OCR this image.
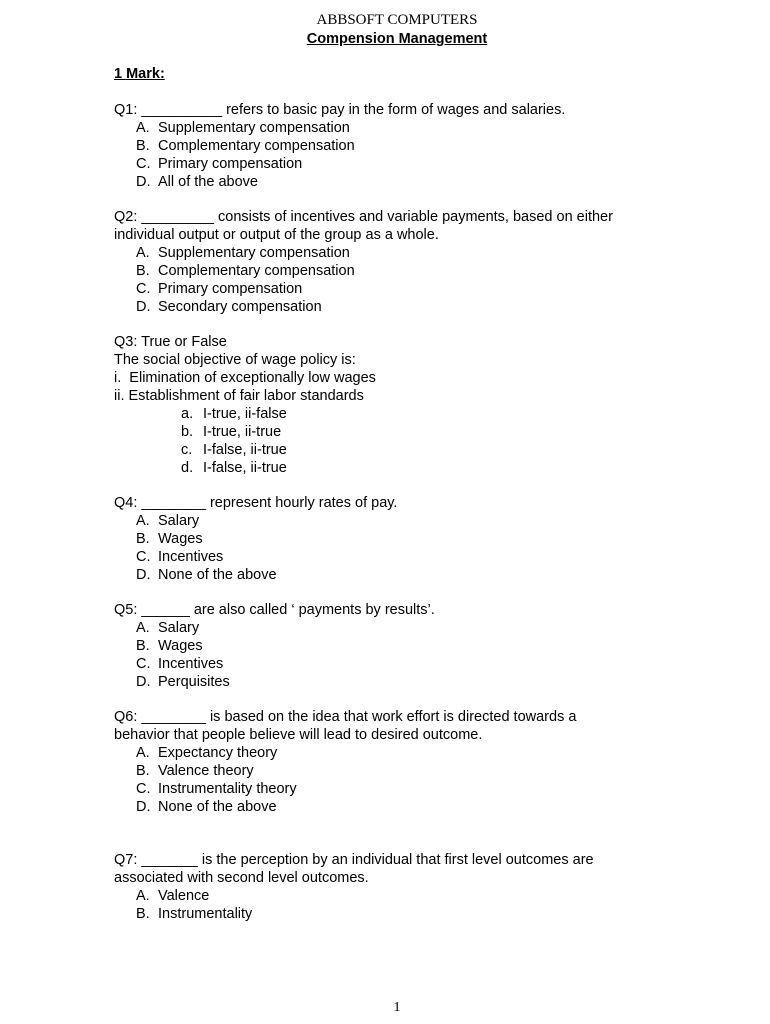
ABBSOFT COMPUTERS
Compension Management
1 Mark:
Q1: __________ refers to basic pay in the form of wages and salaries.
A. Supplementary compensation
B. Complementary compensation
C. Primary compensation
D. All of the above
Q2: _________ consists of incentives and variable payments, based on either
individual output or output of the group as a whole.
A. Supplementary compensation
B. Complementary compensation
C. Primary compensation
D. Secondary compensation
Q3: True or False
The social objective of wage policy is:
i.  Elimination of exceptionally low wages
ii. Establishment of fair labor standards
a. I-true, ii-false
b. I-true, ii-true
c. I-false, ii-true
d. I-false, ii-true
Q4: ________ represent hourly rates of pay.
A. Salary
B. Wages
C. Incentives
D. None of the above
Q5: ______ are also called ‘ payments by results’.
A. Salary
B. Wages
C. Incentives
D. Perquisites
Q6: ________ is based on the idea that work effort is directed towards a
behavior that people believe will lead to desired outcome.
A. Expectancy theory
B. Valence theory
C. Instrumentality theory
D. None of the above
Q7: _______ is the perception by an individual that first level outcomes are
associated with second level outcomes.
A. Valence
B. Instrumentality
1
